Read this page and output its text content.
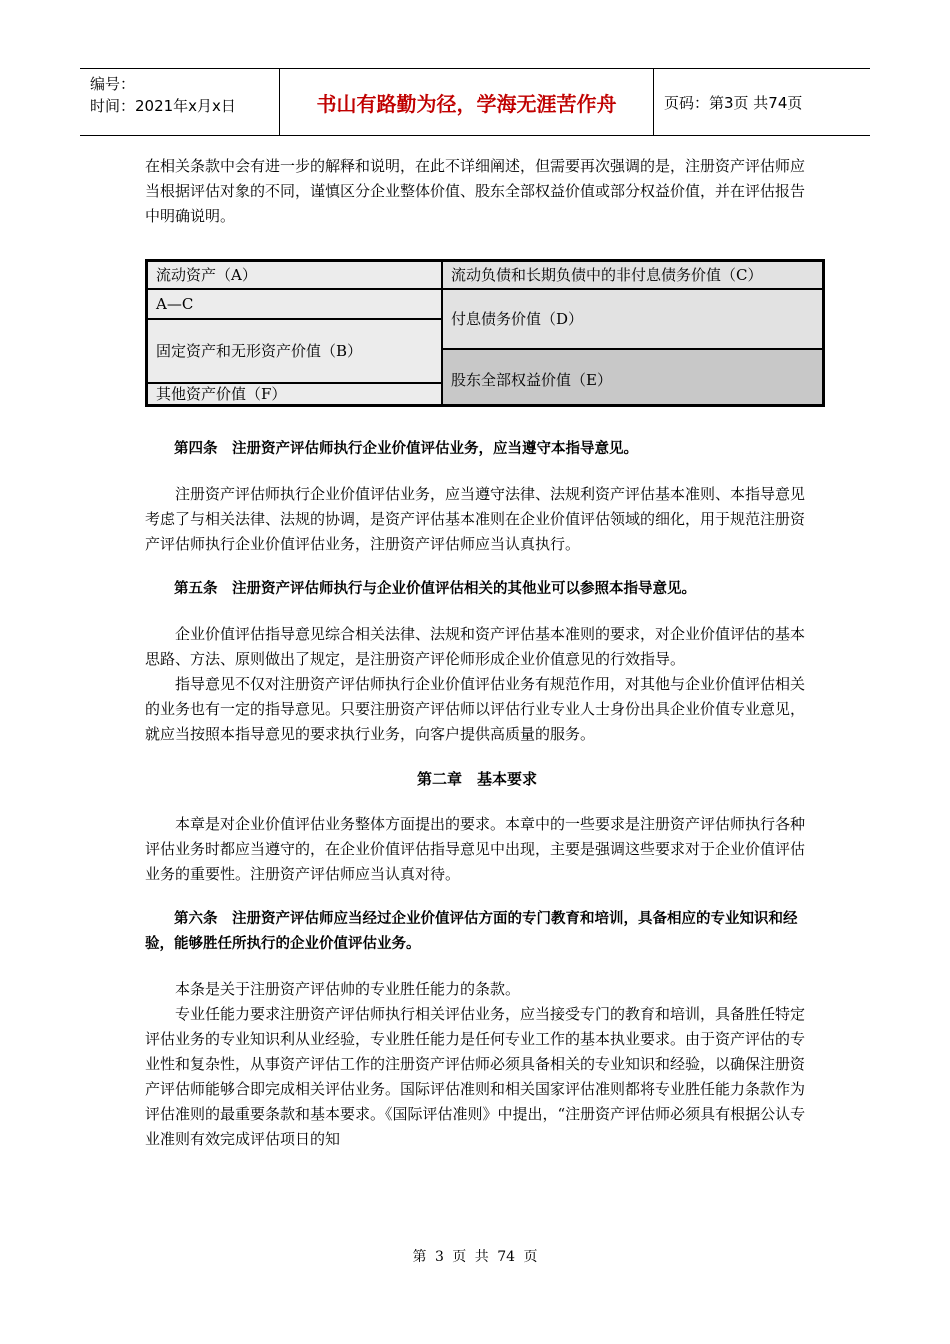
编号：
时间：2021年x月x日	书山有路勤为径，学海无涯苦作舟	页码：第3页 共74页

在相关条款中会有进一步的解释和说明，在此不详细阐述，但需要再次强调的是，注册资产评估师应当根据评估对象的不同，谨慎区分企业整体价值、股东全部权益价值或部分权益价值，并在评估报告中明确说明。

流动资产（A）
A—C
固定资产和无形资产价值（B）
其他资产价值（F）
流动负债和长期负债中的非付息债务价值（C）
付息债务价值（D）
股东全部权益价值（E）

第四条　注册资产评估师执行企业价值评估业务，应当遵守本指导意见。

注册资产评估师执行企业价值评估业务，应当遵守法律、法规利资产评估基本准则、本指导意见考虑了与相关法律、法规的协调，是资产评估基本准则在企业价值评估领域的细化，用于规范注册资产评估师执行企业价值评估业务，注册资产评估师应当认真执行。

第五条　注册资产评估师执行与企业价值评估相关的其他业可以参照本指导意见。

企业价值评估指导意见综合相关法律、法规和资产评估基本准则的要求，对企业价值评估的基本思路、方法、原则做出了规定，是注册资产评伦师形成企业价值意见的行效指导。

指导意见不仅对注册资产评估师执行企业价值评估业务有规范作用，对其他与企业价值评估相关的业务也有一定的指导意见。只要注册资产评估师以评估行业专业人士身份出具企业价值专业意见，就应当按照本指导意见的要求执行业务，向客户提供高质量的服务。

第二章　基本要求

本章是对企业价值评估业务整体方面提出的要求。本章中的一些要求是注册资产评估师执行各种评估业务时都应当遵守的，在企业价值评估指导意见中出现，主要是强调这些要求对于企业价值评估业务的重要性。注册资产评估师应当认真对待。

第六条　注册资产评估师应当经过企业价值评估方面的专门教育和培训，具备相应的专业知识和经验，能够胜任所执行的企业价值评估业务。

本条是关于注册资产评估帅的专业胜任能力的条款。

专业任能力要求注册资产评估师执行相关评估业务，应当接受专门的教育和培训，具备胜任特定评估业务的专业知识利从业经验，专业胜任能力是任何专业工作的基本执业要求。由于资产评估的专业性和复杂性，从事资产评估工作的注册资产评估师必须具备相关的专业知识和经验，以确保注册资产评估师能够合即完成相关评估业务。国际评估准则和相关国家评估准则都将专业胜任能力条款作为评估准则的最重要条款和基本要求。《国际评估准则》中提出，“注册资产评估师必须具有根据公认专业准则有效完成评估项日的知

第 3 页 共 74 页
